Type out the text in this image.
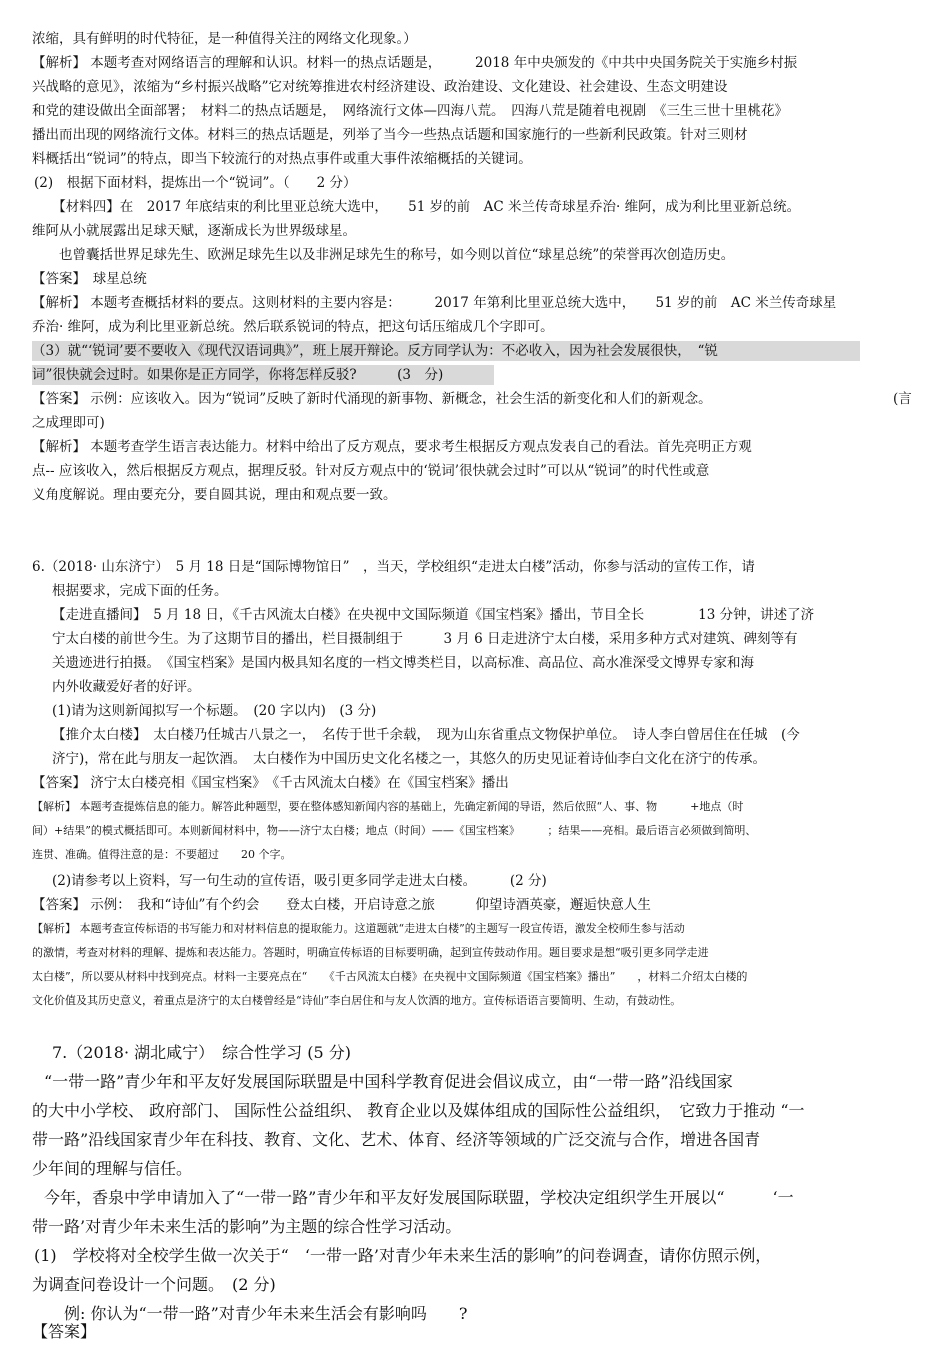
浓缩，具有鲜明的时代特征，是一种值得关注的网络文化现象。）
【解析】 本题考查对网络语言的理解和认识。材料一的热点话题是，　　　2018 年中央颁发的《中共中央国务院关于实施乡村振
兴战略的意见》，浓缩为“乡村振兴战略”它对统筹推进农村经济建设、政治建设、文化建设、社会建设、生态文明建设
和党的建设做出全面部署；　材料二的热点话题是，　网络流行文体—四海八荒。　四海八荒是随着电视剧　《三生三世十里桃花》
播出而出现的网络流行文体。材料三的热点话题是，列举了当今一些热点话题和国家施行的一些新利民政策。针对三则材
料概括出“锐词”的特点，即当下较流行的对热点事件或重大事件浓缩概括的关键词。
(2)　根据下面材料，提炼出一个“锐词”。（　　2 分）
　　【材料四】在　2017 年底结束的利比里亚总统大选中，　　51 岁的前　AC 米兰传奇球星乔治· 维阿，成为利比里亚新总统。
维阿从小就展露出足球天赋，逐渐成长为世界级球星。
　　也曾囊括世界足球先生、欧洲足球先生以及非洲足球先生的称号，如今则以首位“球星总统”的荣誉再次创造历史。
【答案】　球星总统
【解析】 本题考查概括材料的要点。这则材料的主要内容是：　　　2017 年第利比里亚总统大选中，　　51 岁的前　AC 米兰传奇球星
乔治· 维阿，成为利比里亚新总统。然后联系锐词的特点，把这句话压缩成几个字即可。
（3）就“‘锐词’要不要收入《现代汉语词典》”，班上展开辩论。反方同学认为：不必收入，因为社会发展很快，　“锐
词”很快就会过时。如果你是正方同学，你将怎样反驳?　　　(3　分)
【答案】 示例：应该收入。因为“锐词”反映了新时代涌现的新事物、新概念，社会生活的新变化和人们的新观念。	(言
之成理即可)
【解析】 本题考查学生语言表达能力。材料中给出了反方观点，要求考生根据反方观点发表自己的看法。首先亮明正方观
点-- 应该收入，然后根据反方观点，据理反驳。针对反方观点中的‘锐词’很快就会过时”可以从“锐词”的时代性或意
义角度解说。理由要充分，要自圆其说，理由和观点要一致。
6.（2018· 山东济宁）　5 月 18 日是“国际博物馆日”　，当天，学校组织“走进太白楼”活动，你参与活动的宣传工作，请
根据要求，完成下面的任务。
【走进直播间】　5 月 18 日，《千古风流太白楼》在央视中文国际频道《国宝档案》播出，节目全长　　　　13 分钟，讲述了济
宁太白楼的前世今生。为了这期节目的播出，栏目摄制组于　　　3 月 6 日走进济宁太白楼，采用多种方式对建筑、碑刻等有
关遗迹进行拍摄。　《国宝档案》是国内极具知名度的一档文博类栏目，以高标准、高品位、高水准深受文博界专家和海
内外收藏爱好者的好评。
(1)请为这则新闻拟写一个标题。　(20 字以内)　(3 分)
【推介太白楼】　太白楼乃任城古八景之一，　名传于世千余载，　现为山东省重点文物保护单位。　诗人李白曾居住在任城　(今
济宁)，常在此与朋友一起饮酒。　太白楼作为中国历史文化名楼之一，其悠久的历史见证着诗仙李白文化在济宁的传承。
【答案】 济宁太白楼亮相《国宝档案》　《千古风流太白楼》在《国宝档案》播出
【解析】 本题考查提炼信息的能力。解答此种题型，要在整体感知新闻内容的基础上，先确定新闻的导语，然后依照“人、事、物　　　+地点（时
间）+结果”的模式概括即可。本则新闻材料中，物——济宁太白楼；地点（时间）——《国宝档案》　　　；结果——亮相。最后语言必须做到简明、
连贯、准确。值得注意的是：不要超过　　20 个字。
(2)请参考以上资料，写一句生动的宣传语，吸引更多同学走进太白楼。　　　(2 分)
【答案】 示例：　我和“诗仙”有个约会　　登太白楼，开启诗意之旅　　　仰望诗酒英豪，邂逅快意人生
【解析】 本题考查宣传标语的书写能力和对材料信息的提取能力。这道题就“走进太白楼”的主题写一段宣传语，激发全校师生参与活动
的激情，考查对材料的理解、提炼和表达能力。答题时，明确宣传标语的目标要明确，起到宣传鼓动作用。题目要求是想“吸引更多同学走进
太白楼”，所以要从材料中找到亮点。材料一主要亮点在“　　《千古风流太白楼》在央视中文国际频道《国宝档案》播出”　　，材料二介绍太白楼的
文化价值及其历史意义，着重点是济宁的太白楼曾经是“诗仙”李白居住和与友人饮酒的地方。宣传标语语言要简明、生动，有鼓动性。
7.（2018· 湖北咸宁）　综合性学习 (5 分)
“一带一路”青少年和平友好发展国际联盟是中国科学教育促进会倡议成立，由“一带一路”沿线国家
的大中小学校、 政府部门、 国际性公益组织、 教育企业以及媒体组成的国际性公益组织，　它致力于推动 “一
带一路”沿线国家青少年在科技、教育、文化、艺术、体育、经济等领域的广泛交流与合作，增进各国青
少年间的理解与信任。
今年，香泉中学申请加入了“一带一路”青少年和平友好发展国际联盟，学校决定组织学生开展以“　　　‘一
带一路’对青少年未来生活的影响”为主题的综合性学习活动。
(1)　学校将对全校学生做一次关于“　‘一带一路’对青少年未来生活的影响”的问卷调查，请你仿照示例，
为调查问卷设计一个问题。　(2 分)
例: 你认为“一带一路”对青少年未来生活会有影响吗　　?
【答案】
